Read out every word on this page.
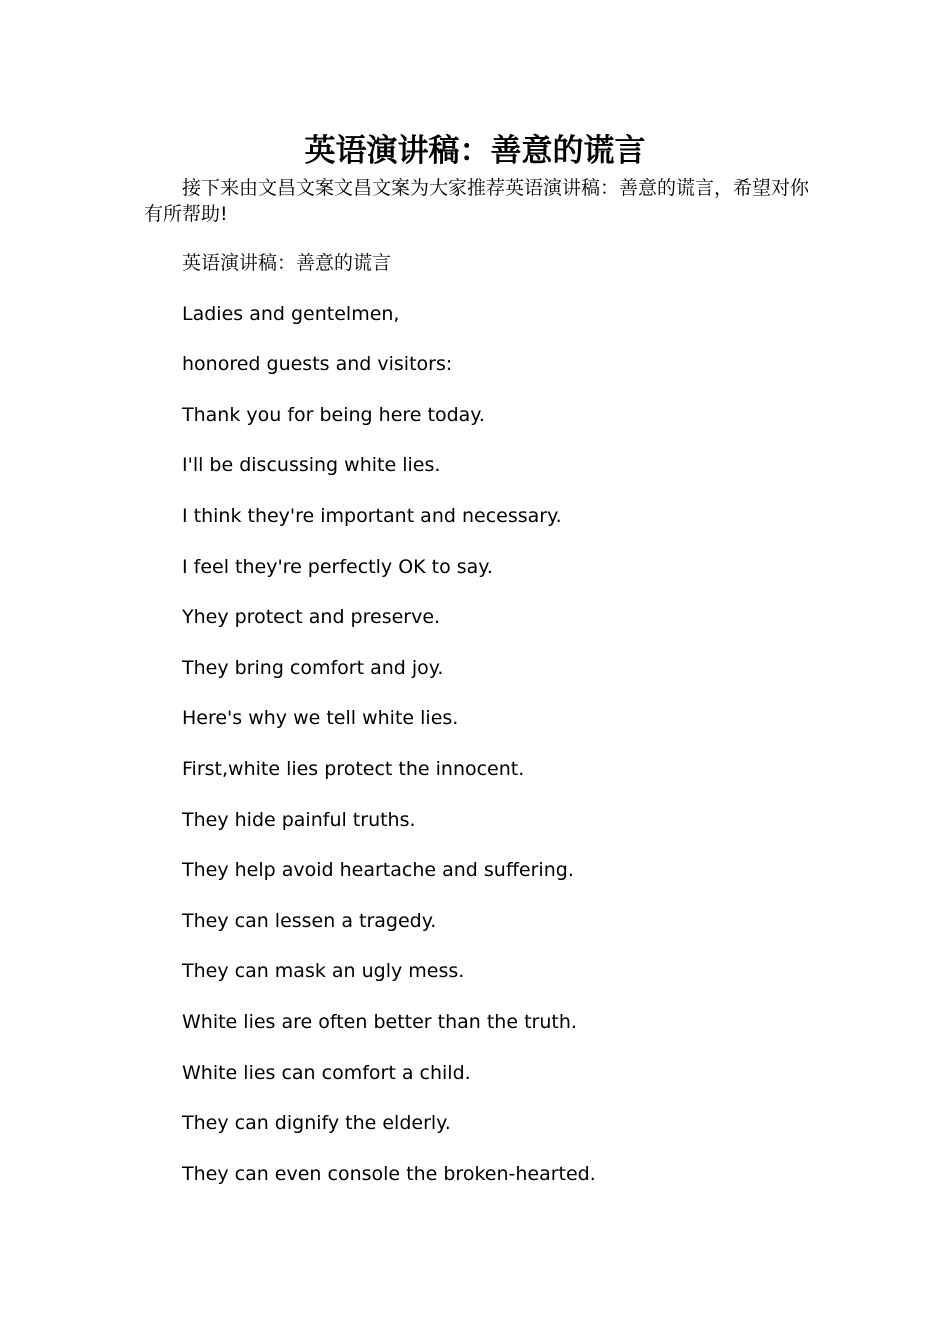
英语演讲稿：善意的谎言

接下来由文昌文案文昌文案为大家推荐英语演讲稿：善意的谎言，希望对你有所帮助!

英语演讲稿：善意的谎言
Ladies and gentelmen,
honored guests and visitors:
Thank you for being here today.
I'll be discussing white lies.
I think they're important and necessary.
I feel they're perfectly OK to say.
Yhey protect and preserve.
They bring comfort and joy.
Here's why we tell white lies.
First,white lies protect the innocent.
They hide painful truths.
They help avoid heartache and suffering.
They can lessen a tragedy.
They can mask an ugly mess.
White lies are often better than the truth.
White lies can comfort a child.
They can dignify the elderly.
They can even console the broken-hearted.
